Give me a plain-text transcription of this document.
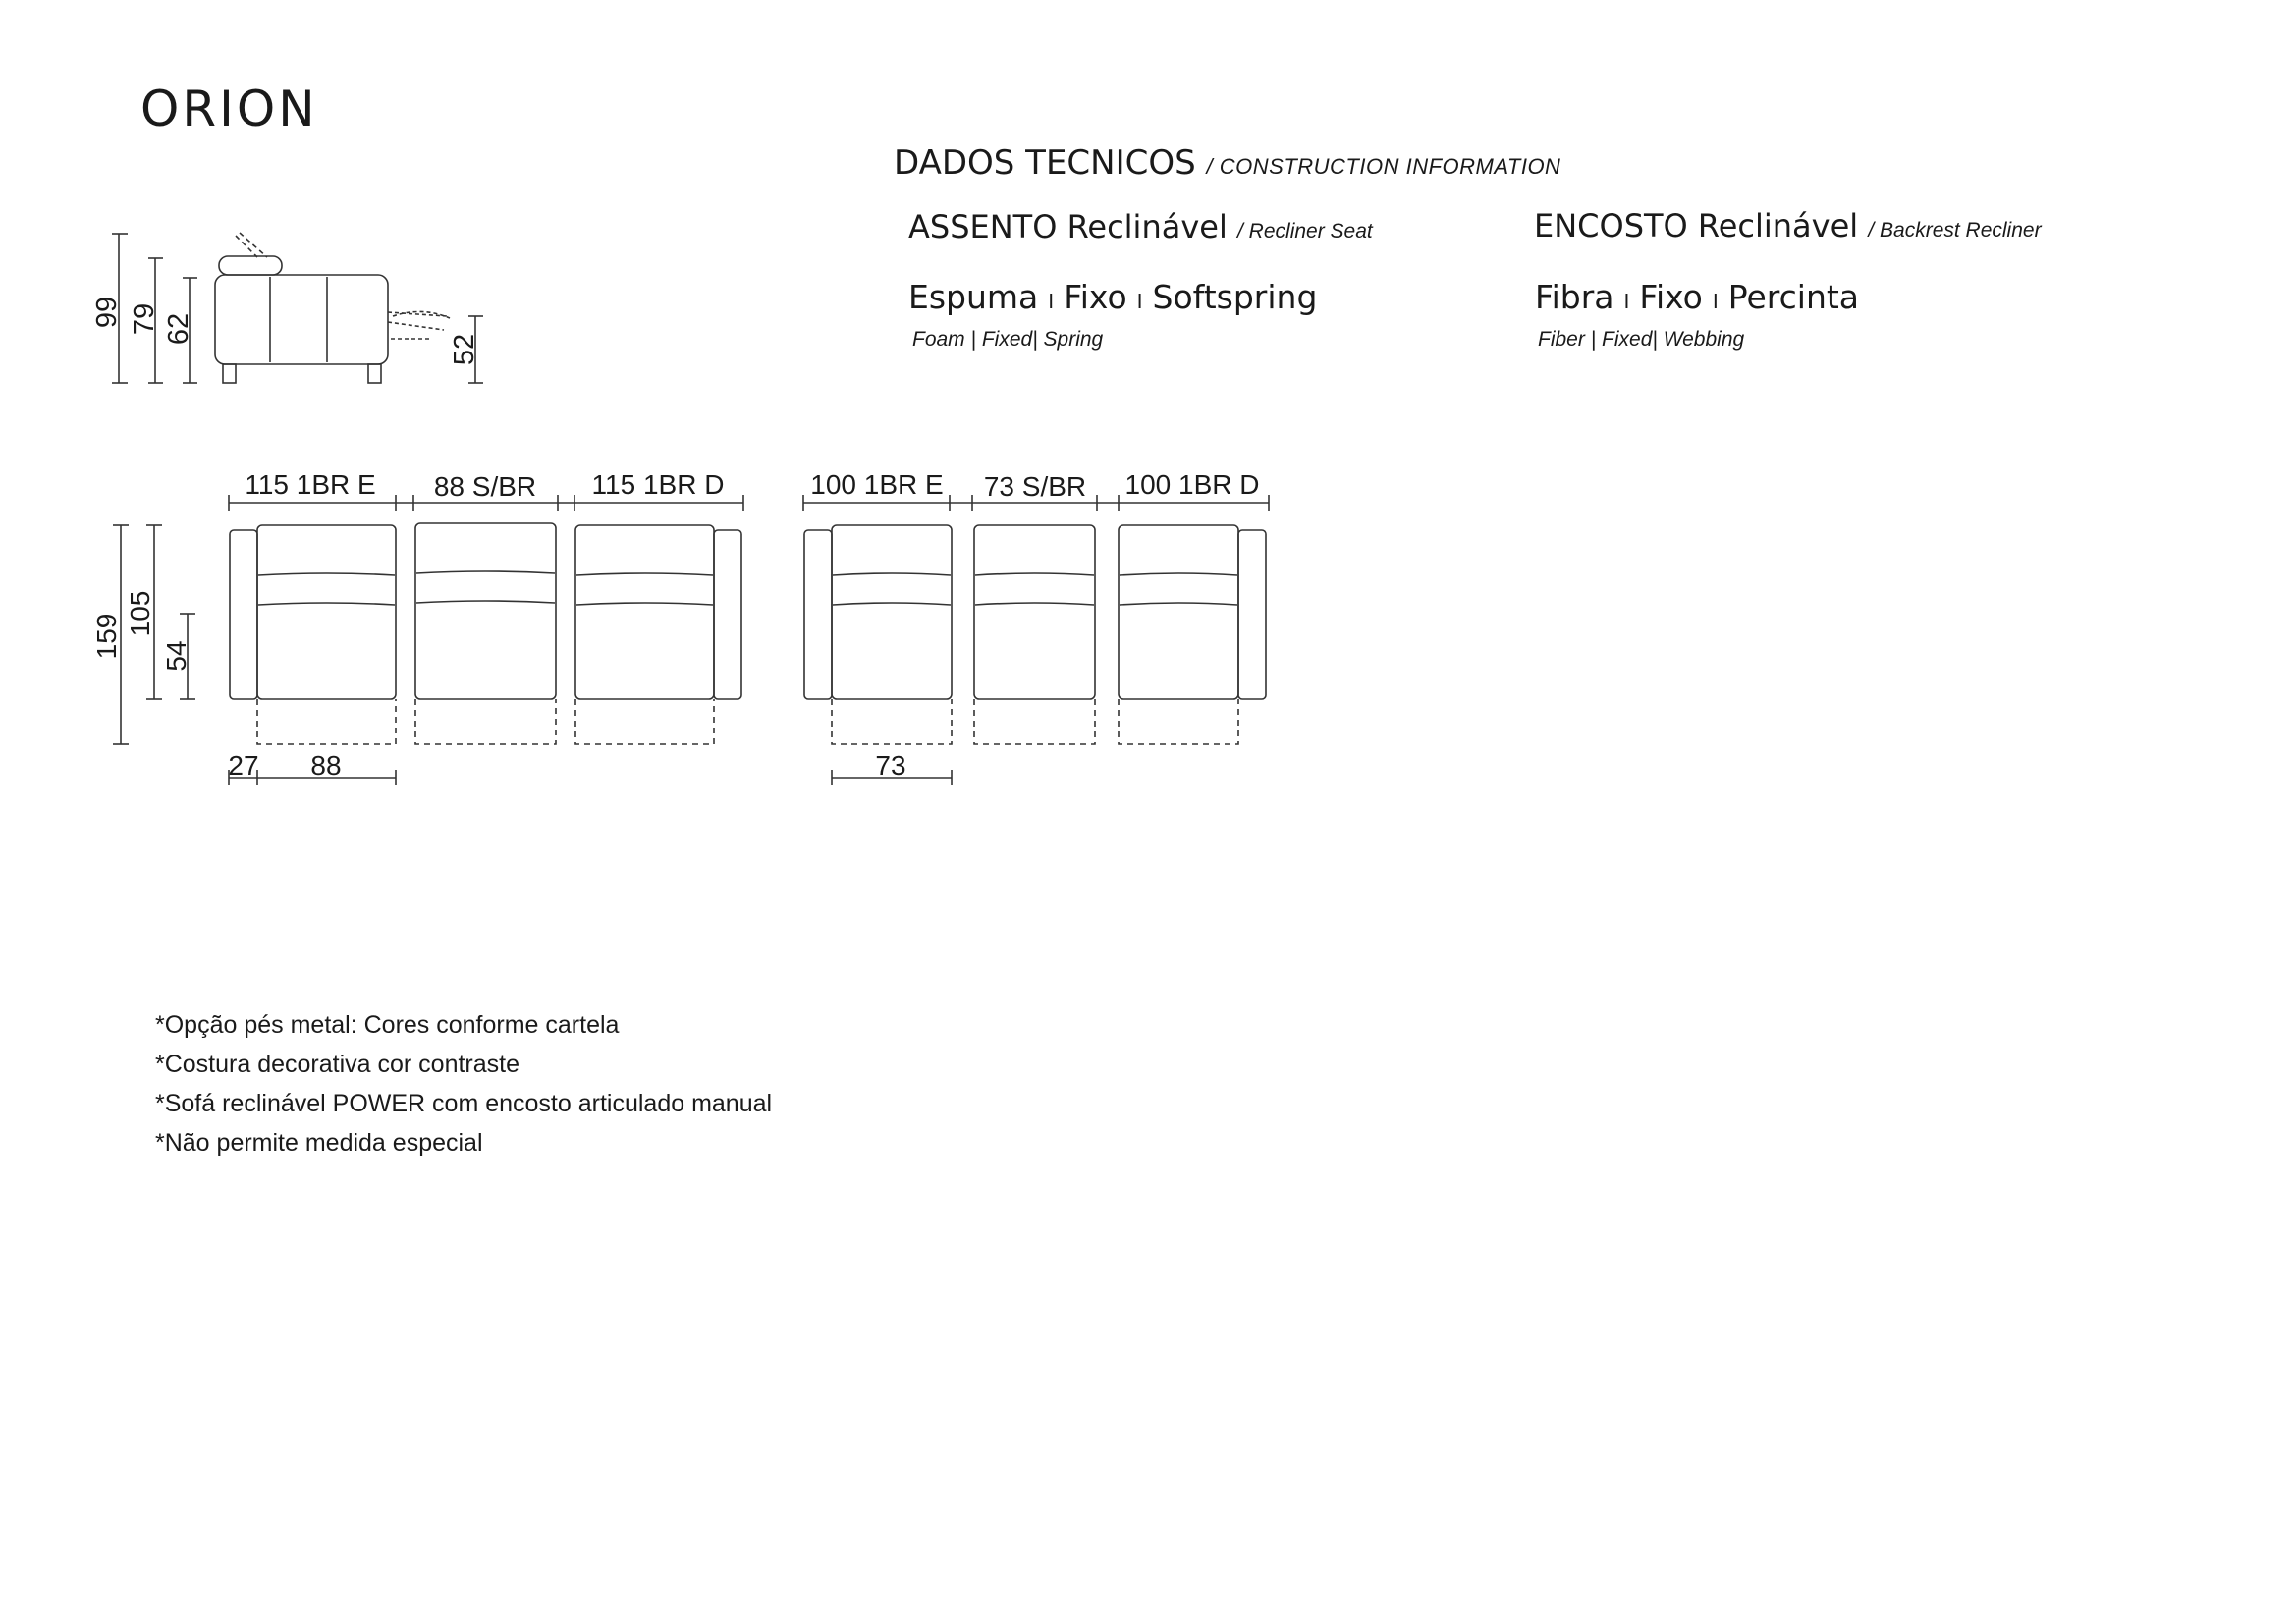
ORION
DADOS TECNICOS / CONSTRUCTION INFORMATION
ASSENTO Reclinável / Recliner Seat
Espuma I Fixo I Softspring
Foam | Fixed| Spring
ENCOSTO Reclinável / Backrest Recliner
Fibra I Fixo I Percinta
Fiber | Fixed| Webbing
99 79 62
52
115 1BR E 88 S/BR 115 1BR D
159 105
54
27 88
100 1BR E 73 S/BR 100 1BR D
73
*Opção pés metal: Cores conforme cartela
*Costura decorativa cor contraste
*Sofá reclinável POWER com encosto articulado manual
*Não permite medida especial
